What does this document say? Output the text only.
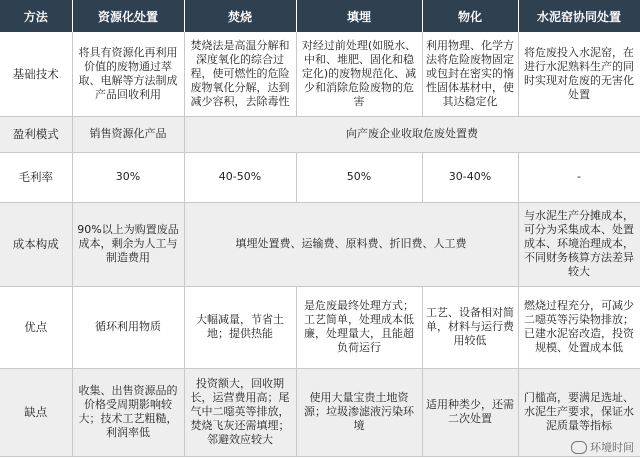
方法	资源化处置	焚烧	填埋	物化	水泥窑协同处置
基础技术	将具有资源化再利用价值的废物通过萃取、电解等方法制成产品回收利用	焚烧法是高温分解和深度氧化的综合过程，使可燃性的危险废物氧化分解，达到减少容积，去除毒性	对经过前处理(如脱水、中和、堆肥、固化和稳定化)的废物规范化、减少和消除危险废物的危害	利用物理、化学方法将危险废物固定或包封在密实的惰性固体基材中，使其达稳定化	将危废投入水泥窑，在进行水泥熟料生产的同时实现对危废的无害化处置
盈利模式	销售资源化产品	向产废企业收取危废处置费			
毛利率	30%	40-50%	50%	30-40%	-
成本构成	90%以上为购置废品成本，剩余为人工与制造费用	填埋处置费、运输费、原料费、折旧费、人工费			与水泥生产分摊成本，可分为采集成本、处置成本、环境治理成本，不同财务核算方法差异较大
优点	循环利用物质	大幅减量，节省土地；提供热能	是危废最终处理方式；工艺简单，处理成本低廉，处理量大，且能超负荷运行	工艺、设备相对简单，材料与运行费用较低	燃烧过程充分，可减少二噁英等污染物排放；已建水泥窑改造，投资规模、处置成本低
缺点	收集、出售资源品的价格受周期影响较大；技术工艺粗糙，利润率低	投资额大，回收期长，运营费用高；尾气中二噁英等排放，焚烧飞灰还需填埋；邻避效应较大	使用大量宝贵土地资源；垃圾渗滤液污染环境	适用种类少，还需二次处置	门槛高，要满足选址、水泥生产要求，保证水泥质量等指标
环境时间
